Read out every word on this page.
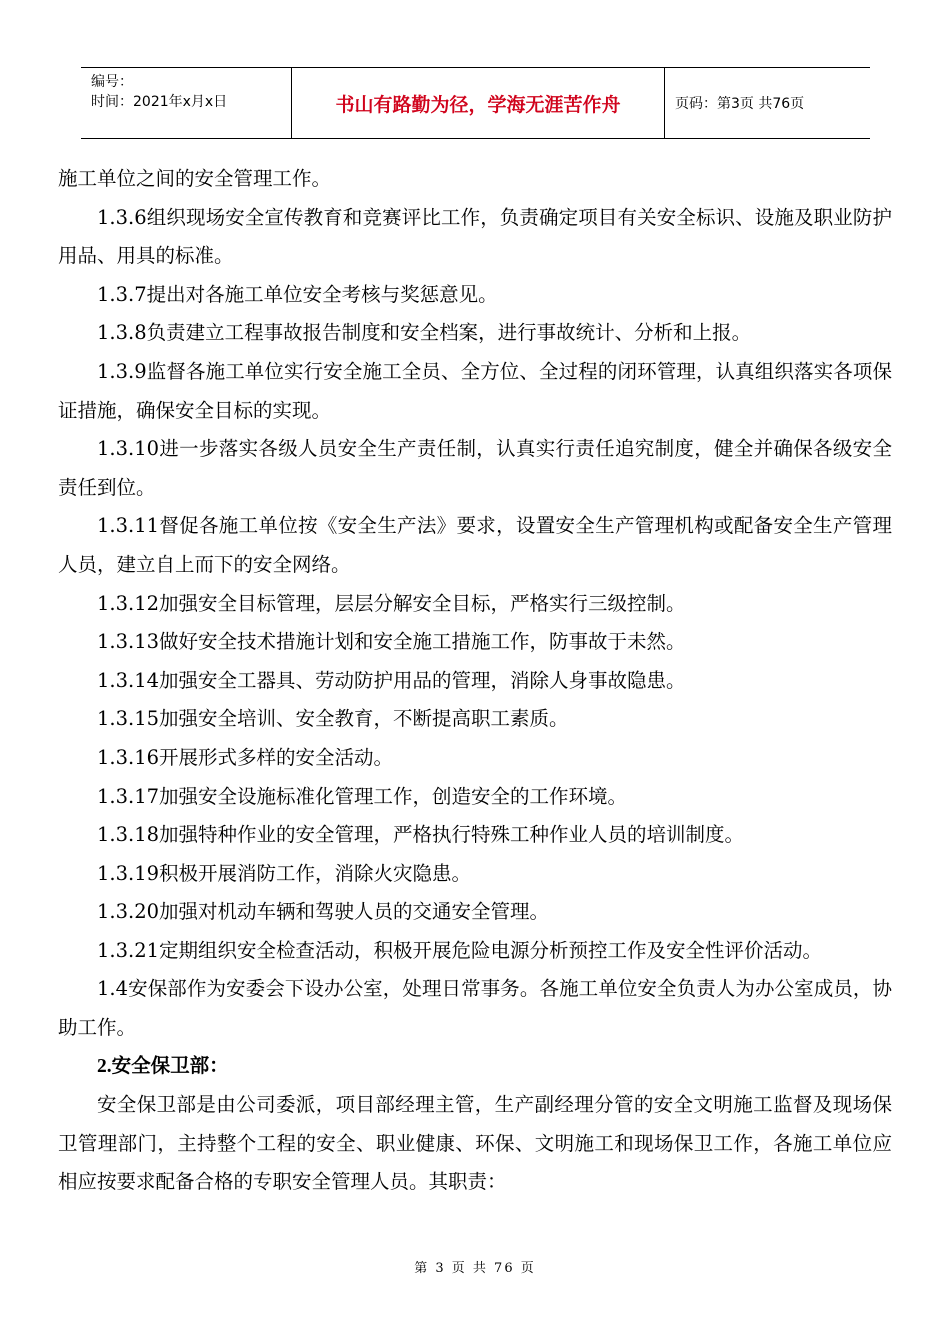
编号：
时间：2021年x月x日	书山有路勤为径，学海无涯苦作舟	页码：第3页 共76页

施工单位之间的安全管理工作。

1.3.6组织现场安全宣传教育和竞赛评比工作，负责确定项目有关安全标识、设施及职业防护用品、用具的标准。

1.3.7提出对各施工单位安全考核与奖惩意见。

1.3.8负责建立工程事故报告制度和安全档案，进行事故统计、分析和上报。

1.3.9监督各施工单位实行安全施工全员、全方位、全过程的闭环管理，认真组织落实各项保证措施，确保安全目标的实现。

1.3.10进一步落实各级人员安全生产责任制，认真实行责任追究制度，健全并确保各级安全责任到位。

1.3.11督促各施工单位按《安全生产法》要求，设置安全生产管理机构或配备安全生产管理人员，建立自上而下的安全网络。

1.3.12加强安全目标管理，层层分解安全目标，严格实行三级控制。

1.3.13做好安全技术措施计划和安全施工措施工作，防事故于未然。

1.3.14加强安全工器具、劳动防护用品的管理，消除人身事故隐患。

1.3.15加强安全培训、安全教育，不断提高职工素质。

1.3.16开展形式多样的安全活动。

1.3.17加强安全设施标准化管理工作，创造安全的工作环境。

1.3.18加强特种作业的安全管理，严格执行特殊工种作业人员的培训制度。

1.3.19积极开展消防工作，消除火灾隐患。

1.3.20加强对机动车辆和驾驶人员的交通安全管理。

1.3.21定期组织安全检查活动，积极开展危险电源分析预控工作及安全性评价活动。

1.4安保部作为安委会下设办公室，处理日常事务。各施工单位安全负责人为办公室成员，协助工作。

2.安全保卫部：

安全保卫部是由公司委派，项目部经理主管，生产副经理分管的安全文明施工监督及现场保卫管理部门，主持整个工程的安全、职业健康、环保、文明施工和现场保卫工作，各施工单位应相应按要求配备合格的专职安全管理人员。其职责：

第 3 页 共 76 页
